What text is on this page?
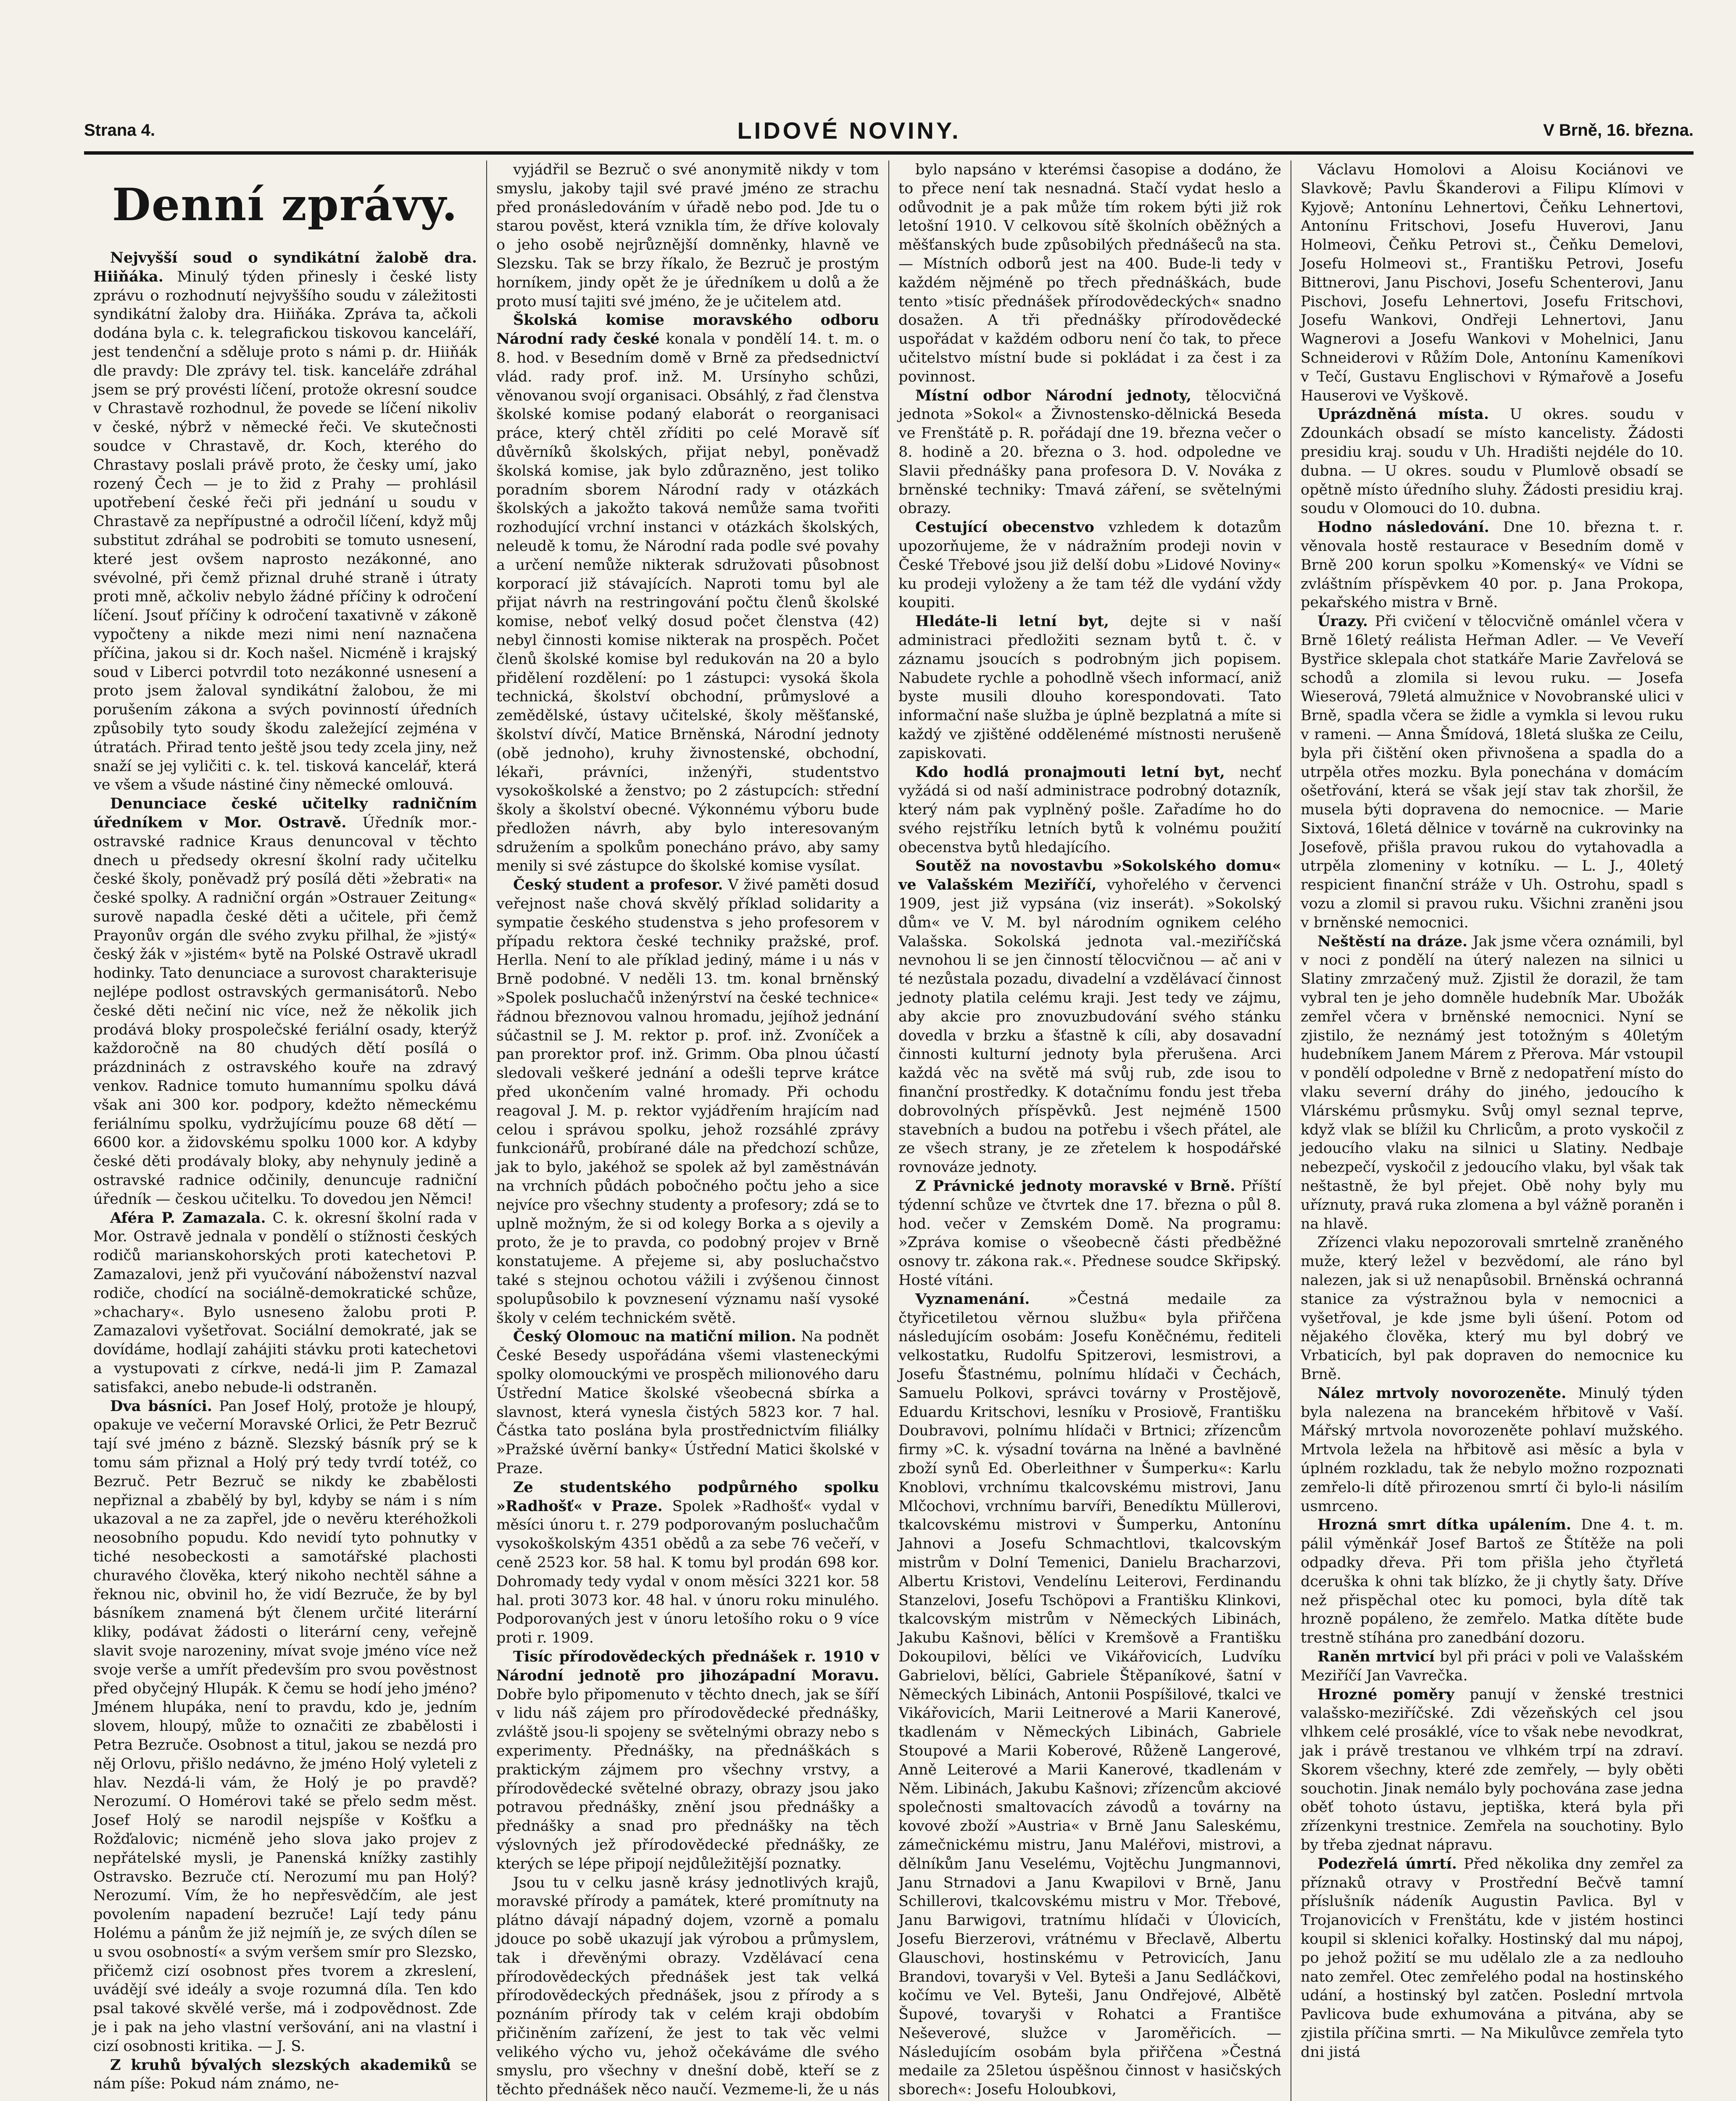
Strana 4.	LIDOVÉ NOVINY.	V Brně, 16. března.
Denní zprávy.

Nejvyšší soud o syndikátní žalobě dra. Hiiňáka. Minulý týden přinesly i české listy zprávu o rozhodnutí nejvyššího soudu v záležitosti syndikátní žaloby dra. Hiiňáka. Zpráva ta, ačkoli dodána byla c. k. telegrafickou tiskovou kanceláří, jest tendenční a sděluje proto s námi p. dr. Hiiňák dle pravdy: Dle zprávy tel. tisk. kanceláře zdráhal jsem se prý provésti líčení, protože okresní soudce v Chrastavě rozhodnul, že povede se líčení nikoliv v české, nýbrž v německé řeči. Ve skutečnosti soudce v Chrastavě, dr. Koch, kterého do Chrastavy poslali právě proto, že česky umí, jako rozený Čech — je to žid z Prahy — prohlásil upotřebení české řeči při jednání u soudu v Chrastavě za nepřípustné a odročil líčení, když můj substitut zdráhal se podrobiti se tomuto usnesení, které jest ovšem naprosto nezákonné, ano svévolné, při čemž přiznal druhé straně i útraty proti mně, ačkoliv nebylo žádné příčiny k odročení líčení. Jsouť příčiny k odročení taxativně v zákoně vypočteny a nikde mezi nimi není naznačena příčina, jakou si dr. Koch našel. Nicméně i krajský soud v Liberci potvrdil toto nezákonné usnesení a proto jsem žaloval syndikátní žalobou, že mi porušením zákona a svých povinností úředních způsobily tyto soudy škodu zaležející zejména v útratách. Přirad tento ještě jsou tedy zcela jiny, než snaží se jej vyličiti c. k. tel. tisková kancelář, která ve všem a všude nástiné činy německé omlouvá.

Denunciace české učitelky radničním úředníkem v Mor. Ostravě. Úředník mor.-ostravské radnice Kraus denuncoval v těchto dnech u předsedy okresní školní rady učitelku české školy, poněvadž prý posílá děti »žebrati« na české spolky. A radniční orgán »Ostrauer Zeitung« surově napadla české děti a učitele, při čemž Prayonův orgán dle svého zvyku přilhal, že »jistý« český žák v »jistém« bytě na Polské Ostravě ukradl hodinky. Tato denunciace a surovost charakterisuje nejlépe podlost ostravských germanisátorů. Nebo české děti nečiní nic více, než že několik jich prodává bloky prospolečské feriální osady, kterýž každoročně na 80 chudých dětí posílá o prázdninách z ostravského kouře na zdravý venkov. Radnice tomuto humannímu spolku dává však ani 300 kor. podpory, kdežto německému feriálnímu spolku, vydržujícímu pouze 68 dětí — 6600 kor. a židovskému spolku 1000 kor. A kdyby české děti prodávaly bloky, aby nehynuly jedině a ostravské radnice odčinily, denuncuje radniční úředník — českou učitelku. To dovedou jen Němci!

Aféra P. Zamazala. C. k. okresní školní rada v Mor. Ostravě jednala v pondělí o stížnosti českých rodičů marianskohorských proti katechetovi P. Zamazalovi, jenž při vyučování náboženství nazval rodiče, chodící na sociálně-demokratické schůze, »chachary«. Bylo usneseno žalobu proti P. Zamazalovi vyšetřovat. Sociální demokraté, jak se dovídáme, hodlají zahájiti stávku proti katechetovi a vystupovati z církve, nedá-li jim P. Zamazal satisfakci, anebo nebude-li odstraněn.

Dva básníci. Pan Josef Holý, protože je hloupý, opakuje ve večerní Moravské Orlici, že Petr Bezruč tají své jméno z bázně. Slezský básník prý se k tomu sám přiznal a Holý prý tedy tvrdí totéž, co Bezruč. Petr Bezruč se nikdy ke zbabělosti nepřiznal a zbabělý by byl, kdyby se nám i s ním ukazoval a ne za zapřel, jde o nevěru kteréhožkoli neosobního popudu. Kdo nevidí tyto pohnutky v tiché nesobeckosti a samotářské plachosti churavého člověka, který nikoho nechtěl sáhne a řeknou nic, obvinil ho, že vidí Bezruče, že by byl básníkem znamená být členem určité literární kliky, podávat žádosti o literární ceny, veřejně slavit svoje narozeniny, mívat svoje jméno více než svoje verše a umřít především pro svou pověstnost před obyčejný Hlupák. K čemu se hodí jeho jméno? Jménem hlupáka, není to pravdu, kdo je, jedním slovem, hloupý, může to označiti ze zbabělosti i Petra Bezruče. Osobnost a titul, jakou se nezdá pro něj Orlovu, přišlo nedávno, že jméno Holý vyleteli z hlav. Nezdá-li vám, že Holý je po pravdě? Nerozumí. O Homérovi také se přelo sedm měst. Josef Holý se narodil nejspíše v Košťku a Rožďalovic; nicméně jeho slova jako projev z nepřátelské mysli, je Panenská knížky zastihly Ostravsko. Bezruče ctí. Nerozumí mu pan Holý? Nerozumí. Vím, že ho nepřesvědčím, ale jest povolením napadení bezruče! Lají tedy pánu Holému a pánům že již nejmíň je, ze svých dílen se u svou osobností« a svým veršem smír pro Slezsko, přičemž cizí osobnost přes tvorem a zkreslení, uvádějí své ideály a svoje rozumná díla. Ten kdo psal takové skvělé verše, má i zodpovědnost. Zde je i pak na jeho vlastní veršování, ani na vlastní i cizí osobnosti kritika. — J. S.

Z kruhů bývalých slezských akademiků se nám píše: Pokud nám známo, ne-

vyjádřil se Bezruč o své anonymitě nikdy v tom smyslu, jakoby tajil své pravé jméno ze strachu před pronásledováním v úřadě nebo pod. Jde tu o starou pověst, která vznikla tím, že dříve kolovaly o jeho osobě nejrůznější domněnky, hlavně ve Slezsku. Tak se brzy říkalo, že Bezruč je prostým horníkem, jindy opět že je úředníkem u dolů a že proto musí tajiti své jméno, že je učitelem atd.

Školská komise moravského odboru Národní rady české konala v pondělí 14. t. m. o 8. hod. v Besedním domě v Brně za předsednictví vlád. rady prof. inž. M. Ursínyho schůzi, věnovanou svojí organisaci. Obsáhlý, z řad členstva školské komise podaný elaborát o reorganisaci práce, který chtěl zříditi po celé Moravě síť důvěrníků školských, přijat nebyl, poněvadž školská komise, jak bylo zdůrazněno, jest toliko poradním sborem Národní rady v otázkách školských a jakožto taková nemůže sama tvořiti rozhodující vrchní instanci v otázkách školských, neleudě k tomu, že Národní rada podle své povahy a určení nemůže nikterak sdružovati působnost korporací již stávajících. Naproti tomu byl ale přijat návrh na restringování počtu členů školské komise, neboť velký dosud počet členstva (42) nebyl činnosti komise nikterak na prospěch. Počet členů školské komise byl redukován na 20 a bylo přidělení rozdělení: po 1 zástupci: vysoká škola technická, školství obchodní, průmyslové a zemědělské, ústavy učitelské, školy měšťanské, školství dívčí, Matice Brněnská, Národní jednoty (obě jednoho), kruhy živnostenské, obchodní, lékaři, právníci, inženýři, studentstvo vysokoškolské a ženstvo; po 2 zástupcích: střední školy a školství obecné. Výkonnému výboru bude předložen návrh, aby bylo interesovaným sdružením a spolkům ponecháno právo, aby samy menily si své zástupce do školské komise vysílat.

Český student a profesor. V živé paměti dosud veřejnost naše chová skvělý příklad solidarity a sympatie českého studenstva s jeho profesorem v případu rektora české techniky pražské, prof. Herlla. Není to ale příklad jediný, máme i u nás v Brně podobné. V neděli 13. tm. konal brněnský »Spolek posluchačů inženýrství na české technice« řádnou březnovou valnou hromadu, jejíhož jednání súčastnil se J. M. rektor p. prof. inž. Zvoníček a pan prorektor prof. inž. Grimm. Oba plnou účastí sledovali veškeré jednání a odešli teprve krátce před ukončením valné hromady. Při ochodu reagoval J. M. p. rektor vyjádřením hrajícím nad celou i správou spolku, jehož rozsáhlé zprávy funkcionářů, probírané dále na předchozí schůze, jak to bylo, jakéhož se spolek až byl zaměstnáván na vrchních půdách pobočného počtu jeho a sice nejvíce pro všechny studenty a profesory; zdá se to uplně možným, že si od kolegy Borka a s ojevily a proto, že je to pravda, co podobný projev v Brně konstatujeme. A přejeme si, aby posluchačstvo také s stejnou ochotou vážili i zvýšenou činnost spolupůsobilo k povznesení významu naší vysoké školy v celém technickém světě.

Český Olomouc na matiční milion. Na podnět České Besedy uspořádána všemi vlasteneckými spolky olomouckými ve prospěch milionového daru Ústřední Matice školské všeobecná sbírka a slavnost, která vynesla čistých 5823 kor. 7 hal. Částka tato poslána byla prostřednictvím filiálky »Pražské úvěrní banky« Ústřední Matici školské v Praze.

Ze studentského podpůrného spolku »Radhošť« v Praze. Spolek »Radhošť« vydal v měsíci únoru t. r. 279 podporovaným posluchačům vysokoškolským 4351 obědů a za sebe 76 večeří, v ceně 2523 kor. 58 hal. K tomu byl prodán 698 kor. Dohromady tedy vydal v onom měsíci 3221 kor. 58 hal. proti 3073 kor. 48 hal. v únoru roku minulého. Podporovaných jest v únoru letošího roku o 9 více proti r. 1909.

Tisíc přírodovědeckých přednášek r. 1910 v Národní jednotě pro jihozápadní Moravu. Dobře bylo připomenuto v těchto dnech, jak se šíří v lidu náš zájem pro přírodovědecké přednášky, zvláště jsou-li spojeny se světelnými obrazy nebo s experimenty. Přednášky, na přednáškách s praktickým zájmem pro všechny vrstvy, a přírodovědecké světelné obrazy, obrazy jsou jako potravou přednášky, znění jsou přednášky a přednášky a snad pro přednášky na těch výslovných jež přírodovědecké přednášky, ze kterých se lépe připojí nejdůležitější poznatky.

Jsou tu v celku jasně krásy jednotlivých krajů, moravské přírody a památek, které promítnuty na plátno dávají nápadný dojem, vzorně a pomalu jdouce po sobě ukazují jak výrobou a průmyslem, tak i dřevěnými obrazy. Vzdělávací cena přírodovědeckých přednášek jest tak velká přírodovědeckých přednášek, jsou z přírody a s poznáním přírody tak v celém kraji obdobím přičiněním zařízení, že jest to tak věc velmi velikého výcho vu, jehož očekáváme dle svého smyslu, pro všechny v dnešní době, kteří se z těchto přednášek něco naučí. Vezmeme-li, že u nás

bylo napsáno v kterémsi časopise a dodáno, že to přece není tak nesnadná. Stačí vydat heslo a odůvodnit je a pak může tím rokem býti již rok letošní 1910. V celkovou sítě školních oběžných a měšťanských bude způsobilých přednášeců na sta. — Místních odborů jest na 400. Bude-li tedy v každém nějméně po třech přednáškách, bude tento »tisíc přednášek přírodovědeckých« snadno dosažen. A tři přednášky přírodovědecké uspořádat v každém odboru není čo tak, to přece učitelstvo místní bude si pokládat i za čest i za povinnost.

Místní odbor Národní jednoty, tělocvičná jednota »Sokol« a Živnostensko-dělnická Beseda ve Frenštátě p. R. pořádají dne 19. března večer o 8. hodině a 20. března o 3. hod. odpoledne ve Slavii přednášky pana profesora D. V. Nováka z brněnské techniky: Tmavá záření, se světelnými obrazy.

Cestující obecenstvo vzhledem k dotazům upozorňujeme, že v nádražním prodeji novin v České Třebové jsou již delší dobu »Lidové Noviny« ku prodeji vyloženy a že tam též dle vydání vždy koupiti.

Hledáte-li letní byt, dejte si v naší administraci předložiti seznam bytů t. č. v záznamu jsoucích s podrobným jich popisem. Nabudete rychle a pohodlně všech informací, aniž byste musili dlouho korespondovati. Tato informační naše služba je úplně bezplatná a míte si každý ve zjištěné oddělenémé místnosti nerušeně zapiskovati.

Kdo hodlá pronajmouti letní byt, nechť vyžádá si od naší administrace podrobný dotazník, který nám pak vyplněný pošle. Zařadíme ho do svého rejstříku letních bytů k volnému použití obecenstva bytů hledajícího.

Soutěž na novostavbu »Sokolského domu« ve Valašském Meziříčí, vyhořelého v červenci 1909, jest již vypsána (viz inserát). »Sokolský dům« ve V. M. byl národním ognikem celého Valašska. Sokolská jednota val.-meziříčská nevnohou li se jen činností tělocvičnou — ač ani v té nezůstala pozadu, divadelní a vzdělávací činnost jednoty platila celému kraji. Jest tedy ve zájmu, aby akcie pro znovuzbudování svého stánku dovedla v brzku a šťastně k cíli, aby dosavadní činnosti kulturní jednoty byla přerušena. Arci každá věc na světě má svůj rub, zde isou to finanční prostředky. K dotačnímu fondu jest třeba dobrovolných příspěvků. Jest nejméně 1500 stavebních a budou na potřebu i všech přátel, ale ze všech strany, je ze zřetelem k hospodářské rovnováze jednoty.

Z Právnické jednoty moravské v Brně. Příští týdenní schůze ve čtvrtek dne 17. března o půl 8. hod. večer v Zemském Domě. Na programu: »Zpráva komise o všeobecně části předběžné osnovy tr. zákona rak.«. Přednese soudce Skřipský. Hosté vítáni.

Vyznamenání.	»Čestná medaile za čtyřicetiletou věrnou službu« byla přiřčena následujícím osobám: Josefu Koněčnému, řediteli velkostatku, Rudolfu Spitzerovi, lesmistrovi, a Josefu Šťastnému, polnímu hlídači v Čechách, Samuelu Polkovi, správci továrny v Prostějově, Eduardu Kritschovi, lesníku v Prosiově, Františku Doubravovi, polnímu hlídači v Brtnici; zřízencům firmy »C. k. výsadní továrna na lněné a bavlněné zboží synů Ed. Oberleithner v Šumperku«: Karlu Knoblovi, vrchnímu tkalcovskému mistrovi, Janu Mlčochovi, vrchnímu barvíři, Benedíktu Müllerovi, tkalcovskému mistrovi v Šumperku, Antonínu Jahnovi a Josefu Schmachtlovi, tkalcovským mistrům v Dolní Temenici, Danielu Bracharzovi, Albertu Kristovi, Vendelínu Leiterovi, Ferdinandu Stanzelovi, Josefu Tschöpovi a Františku Klinkovi, tkalcovským mistrům v Německých Libinách, Jakubu Kašnovi, bělíci v Kremšově a Františku Dokoupilovi, bělíci ve Vikářovicích, Ludvíku Gabrielovi, bělíci, Gabriele Štěpaníkové, šatní v Německých Libinách, Antonii Pospíšilové, tkalci ve Vikářovicích, Marii Leitnerové a Marii Kanerové, tkadlenám v Německých Libinách, Gabriele Stoupové a Marii Koberové, Růženě Langerové, Anně Leiterové a Marii Kanerové, tkadlenám v Něm. Libinách, Jakubu Kašnovi; zřízencům akciové společnosti smaltovacích závodů a továrny na kovové zboží »Austria« v Brně Janu Saleskému, zámečnickému mistru, Janu Maléřovi, mistrovi, a dělníkům Janu Veselému, Vojtěchu Jungmannovi, Janu Strnadovi a Janu Kwapilovi v Brně, Janu Schillerovi, tkalcovskému mistru v Mor. Třebové, Janu Barwigovi, tratnímu hlídači v Úlovicích, Josefu Bierzerovi, vrátnému v Břeclavě, Albertu Glauschovi, hostinskému v Petrovicích, Janu Brandovi, tovaryši v Vel. Byteši a Janu Sedláčkovi, kočímu ve Vel. Byteši, Janu Ondřejové, Albětě Šupové, tovaryši v Rohatci a Františce Neševerové, služce v Jaroměřicích. — Následujícím osobám byla přiřčena »Čestná medaile za 25letou úspěšnou činnost v hasičských sborech«: Josefu Holoubkovi,

Václavu Homolovi a Aloisu Kociánovi ve Slavkově; Pavlu Škanderovi a Filipu Klímovi v Kyjově; Antonínu Lehnertovi, Čeňku Lehnertovi, Antonínu Fritschovi, Josefu Huverovi, Janu Holmeovi, Čeňku Petrovi st., Čeňku Demelovi, Josefu Holmeovi st., Františku Petrovi, Josefu Bittnerovi, Janu Pischovi, Josefu Schenterovi, Janu Pischovi, Josefu Lehnertovi, Josefu Fritschovi, Josefu Wankovi, Ondřeji Lehnertovi, Janu Wagnerovi a Josefu Wankovi v Mohelnici, Janu Schneiderovi v Růžím Dole, Antonínu Kameníkovi v Tečí, Gustavu Englischovi v Rýmařově a Josefu Hauserovi ve Vyškově.

Uprázdněná místa. U okres. soudu v Zdounkách obsadí se místo kancelisty. Žádosti presidiu kraj. soudu v Uh. Hradišti nejdéle do 10. dubna. — U okres. soudu v Plumlově obsadí se opětně místo úředního sluhy. Žádosti presidiu kraj. soudu v Olomouci do 10. dubna.

Hodno následování. Dne 10. března t. r. věnovala hostě restaurace v Besedním domě v Brně 200 korun spolku »Komenský« ve Vídni se zvláštním příspěvkem 40 por. p. Jana Prokopa, pekařského mistra v Brně.

Úrazy. Při cvičení v tělocvičně ománlel včera v Brně 16letý reálista Heřman Adler. — Ve Veveří Bystřice sklepala chot statkáře Marie Zavřelová se schodů a zlomila si levou ruku. — Josefa Wieserová, 79letá almužnice v Novobranské ulici v Brně, spadla včera se židle a vymkla si levou ruku v rameni. — Anna Šmídová, 18letá sluška ze Ceilu, byla při čištění oken přivnošena a spadla do a utrpěla otřes mozku. Byla ponechána v domácím ošetřování, která se však její stav tak zhoršil, že musela býti dopravena do nemocnice. — Marie Sixtová, 16letá dělnice v továrně na cukrovinky na Josefově, přišla pravou rukou do vytahovadla a utrpěla zlomeniny v kotníku. — L. J., 40letý respicient finanční stráže v Uh. Ostrohu, spadl s vozu a zlomil si pravou ruku. Všichni zraněni jsou v brněnské nemocnici.

Neštěstí na dráze. Jak jsme včera oznámili, byl v noci z pondělí na úterý nalezen na silnici u Slatiny zmrzačený muž. Zjistil že dorazil, že tam vybral ten je jeho domněle hudebník Mar. Ubožák zemřel včera v brněnské nemocnici. Nyní se zjistilo, že neznámý jest totožným s 40letým hudebníkem Janem Márem z Přerova. Már vstoupil v pondělí odpoledne v Brně z nedopatření místo do vlaku severní dráhy do jiného, jedoucího k Vlárskému průsmyku. Svůj omyl seznal teprve, když vlak se blížil ku Chrlicům, a proto vyskočil z jedoucího vlaku na silnici u Slatiny. Nedbaje nebezpečí, vyskočil z jedoucího vlaku, byl však tak neštastně, že byl přejet. Obě nohy byly mu uříznuty, pravá ruka zlomena a byl vážně poraněn i na hlavě.

Zřízenci vlaku nepozorovali smrtelně zraněného muže, který ležel v bezvědomí, ale ráno byl nalezen, jak si už nenapůsobil. Brněnská ochranná stanice za výstražnou byla v nemocnici a vyšetřoval, je kde jsme byli úšení. Potom od nějakého člověka, který mu byl dobrý ve Vrbaticích, byl pak dopraven do nemocnice ku Brně.

Nález mrtvoly novorozeněte. Minulý týden byla nalezena na brancekém hřbitově v Vaší. Mářský mrtvola novorozeněte pohlaví mužského. Mrtvola ležela na hřbitově asi měsíc a byla v úplném rozkladu, tak že nebylo možno rozpoznati zemřelo-li dítě přirozenou smrtí či bylo-li násilím usmrceno.

Hrozná smrt dítka upálením. Dne 4. t. m. pálil výměnkář Josef Bartoš ze Štítěže na poli odpadky dřeva. Při tom přišla jeho čtyřletá dceruška k ohni tak blízko, že ji chytly šaty. Dříve než přispěchal otec ku pomoci, byla dítě tak hrozně popáleno, že zemřelo. Matka dítěte bude trestně stíhána pro zanedbání dozoru.

Raněn mrtvicí byl při práci v poli ve Valašském Meziříčí Jan Vavrečka.

Hrozné poměry panují v ženské trestnici valašsko-meziříčské. Zdi vězeňských cel jsou vlhkem celé prosáklé, více to však nebe nevodkrat, jak i právě trestanou ve vlhkém trpí na zdraví. Skorem všechny, které zde zemřely, — byly oběti souchotin. Jinak nemálo byly pochována zase jedna oběť tohoto ústavu, jeptiška, která byla při zřízenkyni trestnice. Zemřela na souchotiny. Bylo by třeba zjednat nápravu.

Podezřelá úmrtí. Před několika dny zemřel za příznaků otravy v Prostřední Bečvě tamní příslušník nádeník Augustin Pavlica. Byl v Trojanovicích v Frenštátu, kde v jistém hostinci koupil si sklenici kořalky. Hostinský dal mu nápoj, po jehož požití se mu udělalo zle a za nedlouho nato zemřel. Otec zemřelého podal na hostinského udání, a hostinský byl zatčen. Poslední mrtvola Pavlicova bude exhumována a pitvána, aby se zjistila příčina smrti. — Na Mikulůvce zemřela tyto dni jistá
